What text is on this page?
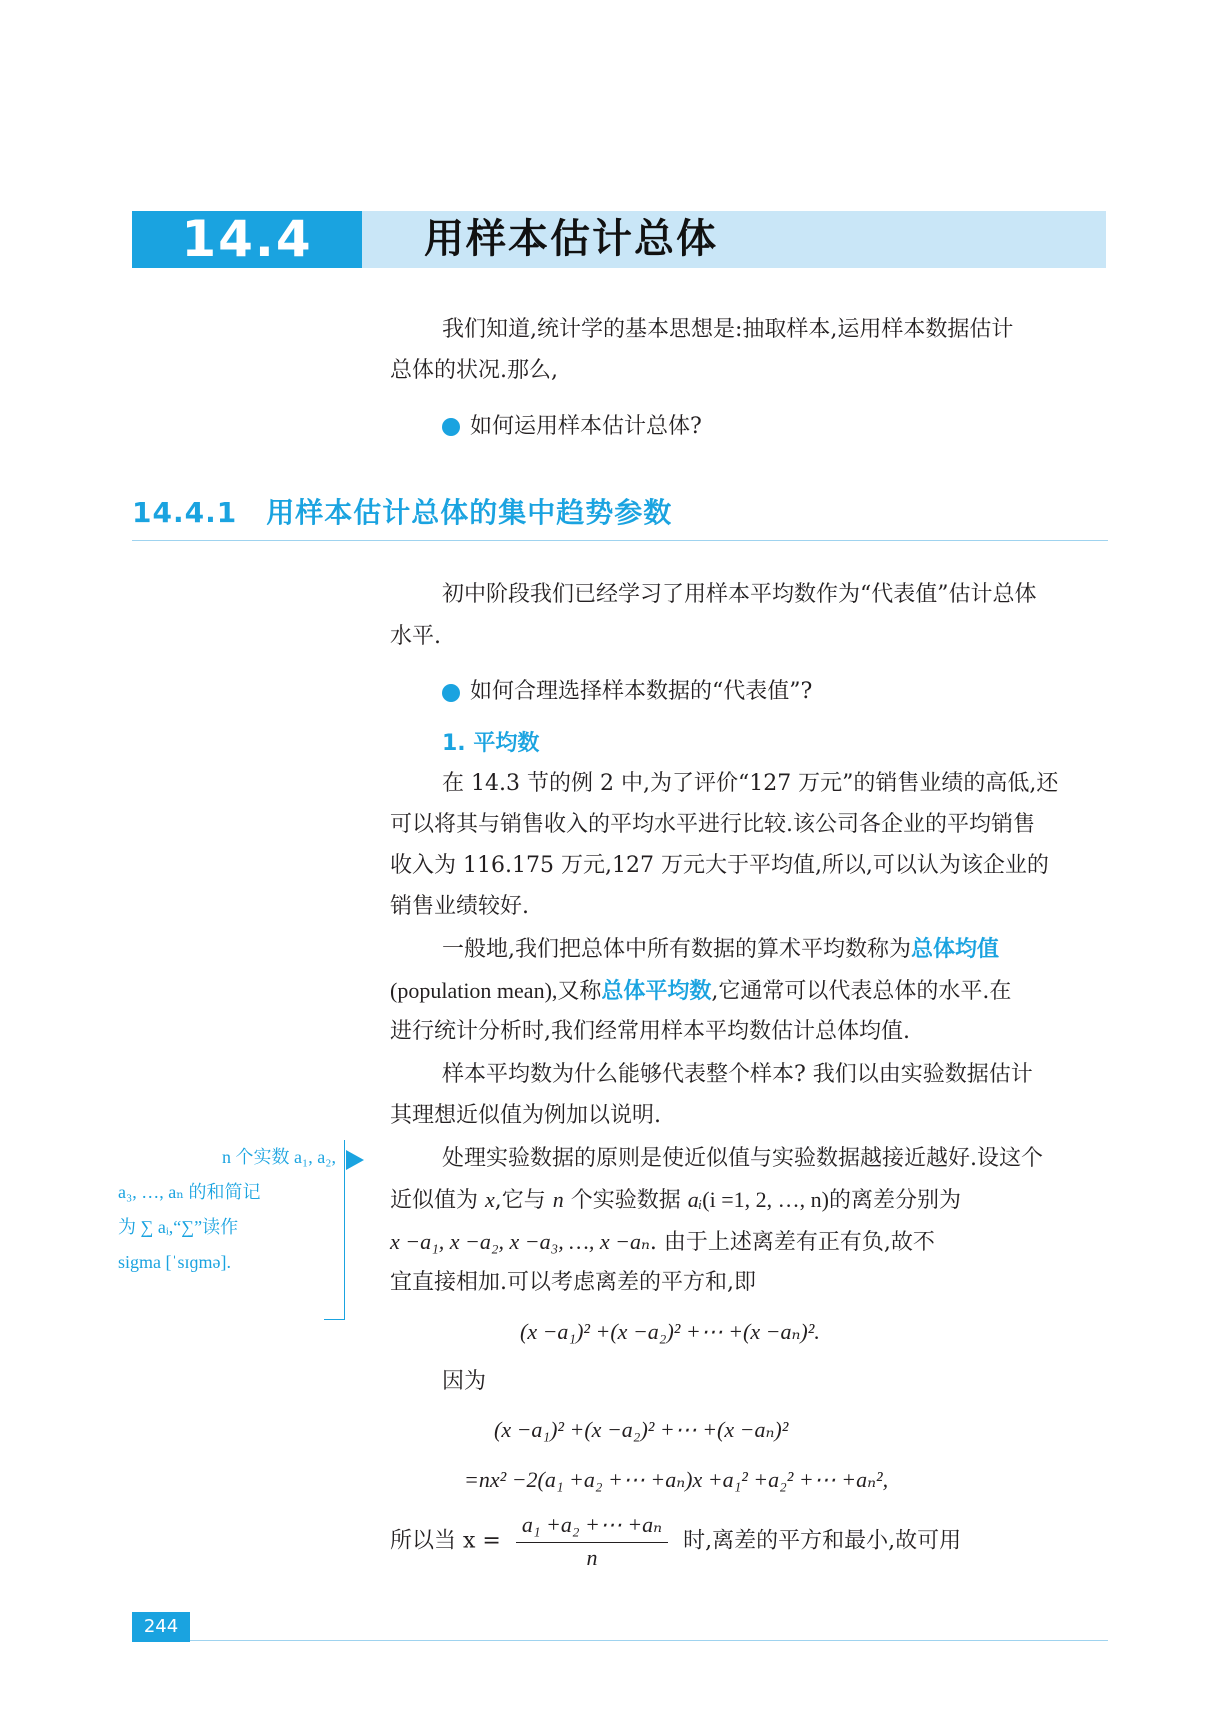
14.4	用样本估计总体
我们知道,统计学的基本思想是:抽取样本,运用样本数据估计
总体的状况.那么,
如何运用样本估计总体?
14.4.1　用样本估计总体的集中趋势参数
初中阶段我们已经学习了用样本平均数作为“代表值”估计总体
水平.
如何合理选择样本数据的“代表值”?
1. 平均数
在 14.3 节的例 2 中,为了评价“127 万元”的销售业绩的高低,还
可以将其与销售收入的平均水平进行比较.该公司各企业的平均销售
收入为 116.175 万元,127 万元大于平均值,所以,可以认为该企业的
销售业绩较好.
一般地,我们把总体中所有数据的算术平均数称为总体均值
(population mean),又称总体平均数,它通常可以代表总体的水平.在
进行统计分析时,我们经常用样本平均数估计总体均值.
样本平均数为什么能够代表整个样本? 我们以由实验数据估计
其理想近似值为例加以说明.
处理实验数据的原则是使近似值与实验数据越接近越好.设这个
近似值为 x,它与 n 个实验数据 aᵢ(i =1, 2, …, n)的离差分别为
x −a₁, x −a₂, x −a₃, …, x −aₙ. 由于上述离差有正有负,故不
宜直接相加.可以考虑离差的平方和,即
(x −a₁)² +(x −a₂)² +⋯ +(x −aₙ)².
因为
(x −a₁)² +(x −a₂)² +⋯ +(x −aₙ)²
=nx² −2(a₁ +a₂ +⋯ +aₙ)x +a₁² +a₂² +⋯ +aₙ²,
所以当 $x = \frac{\text{a₁ +a₂ +⋯ +aₙ}}{n}$ 时,离差的平方和最小,故可用
n 个实数 a₁, a₂,
a₃, …, aₙ 的和简记
为 ∑ aᵢ,“∑”读作
sigma [ˈsɪɡmə].
244
